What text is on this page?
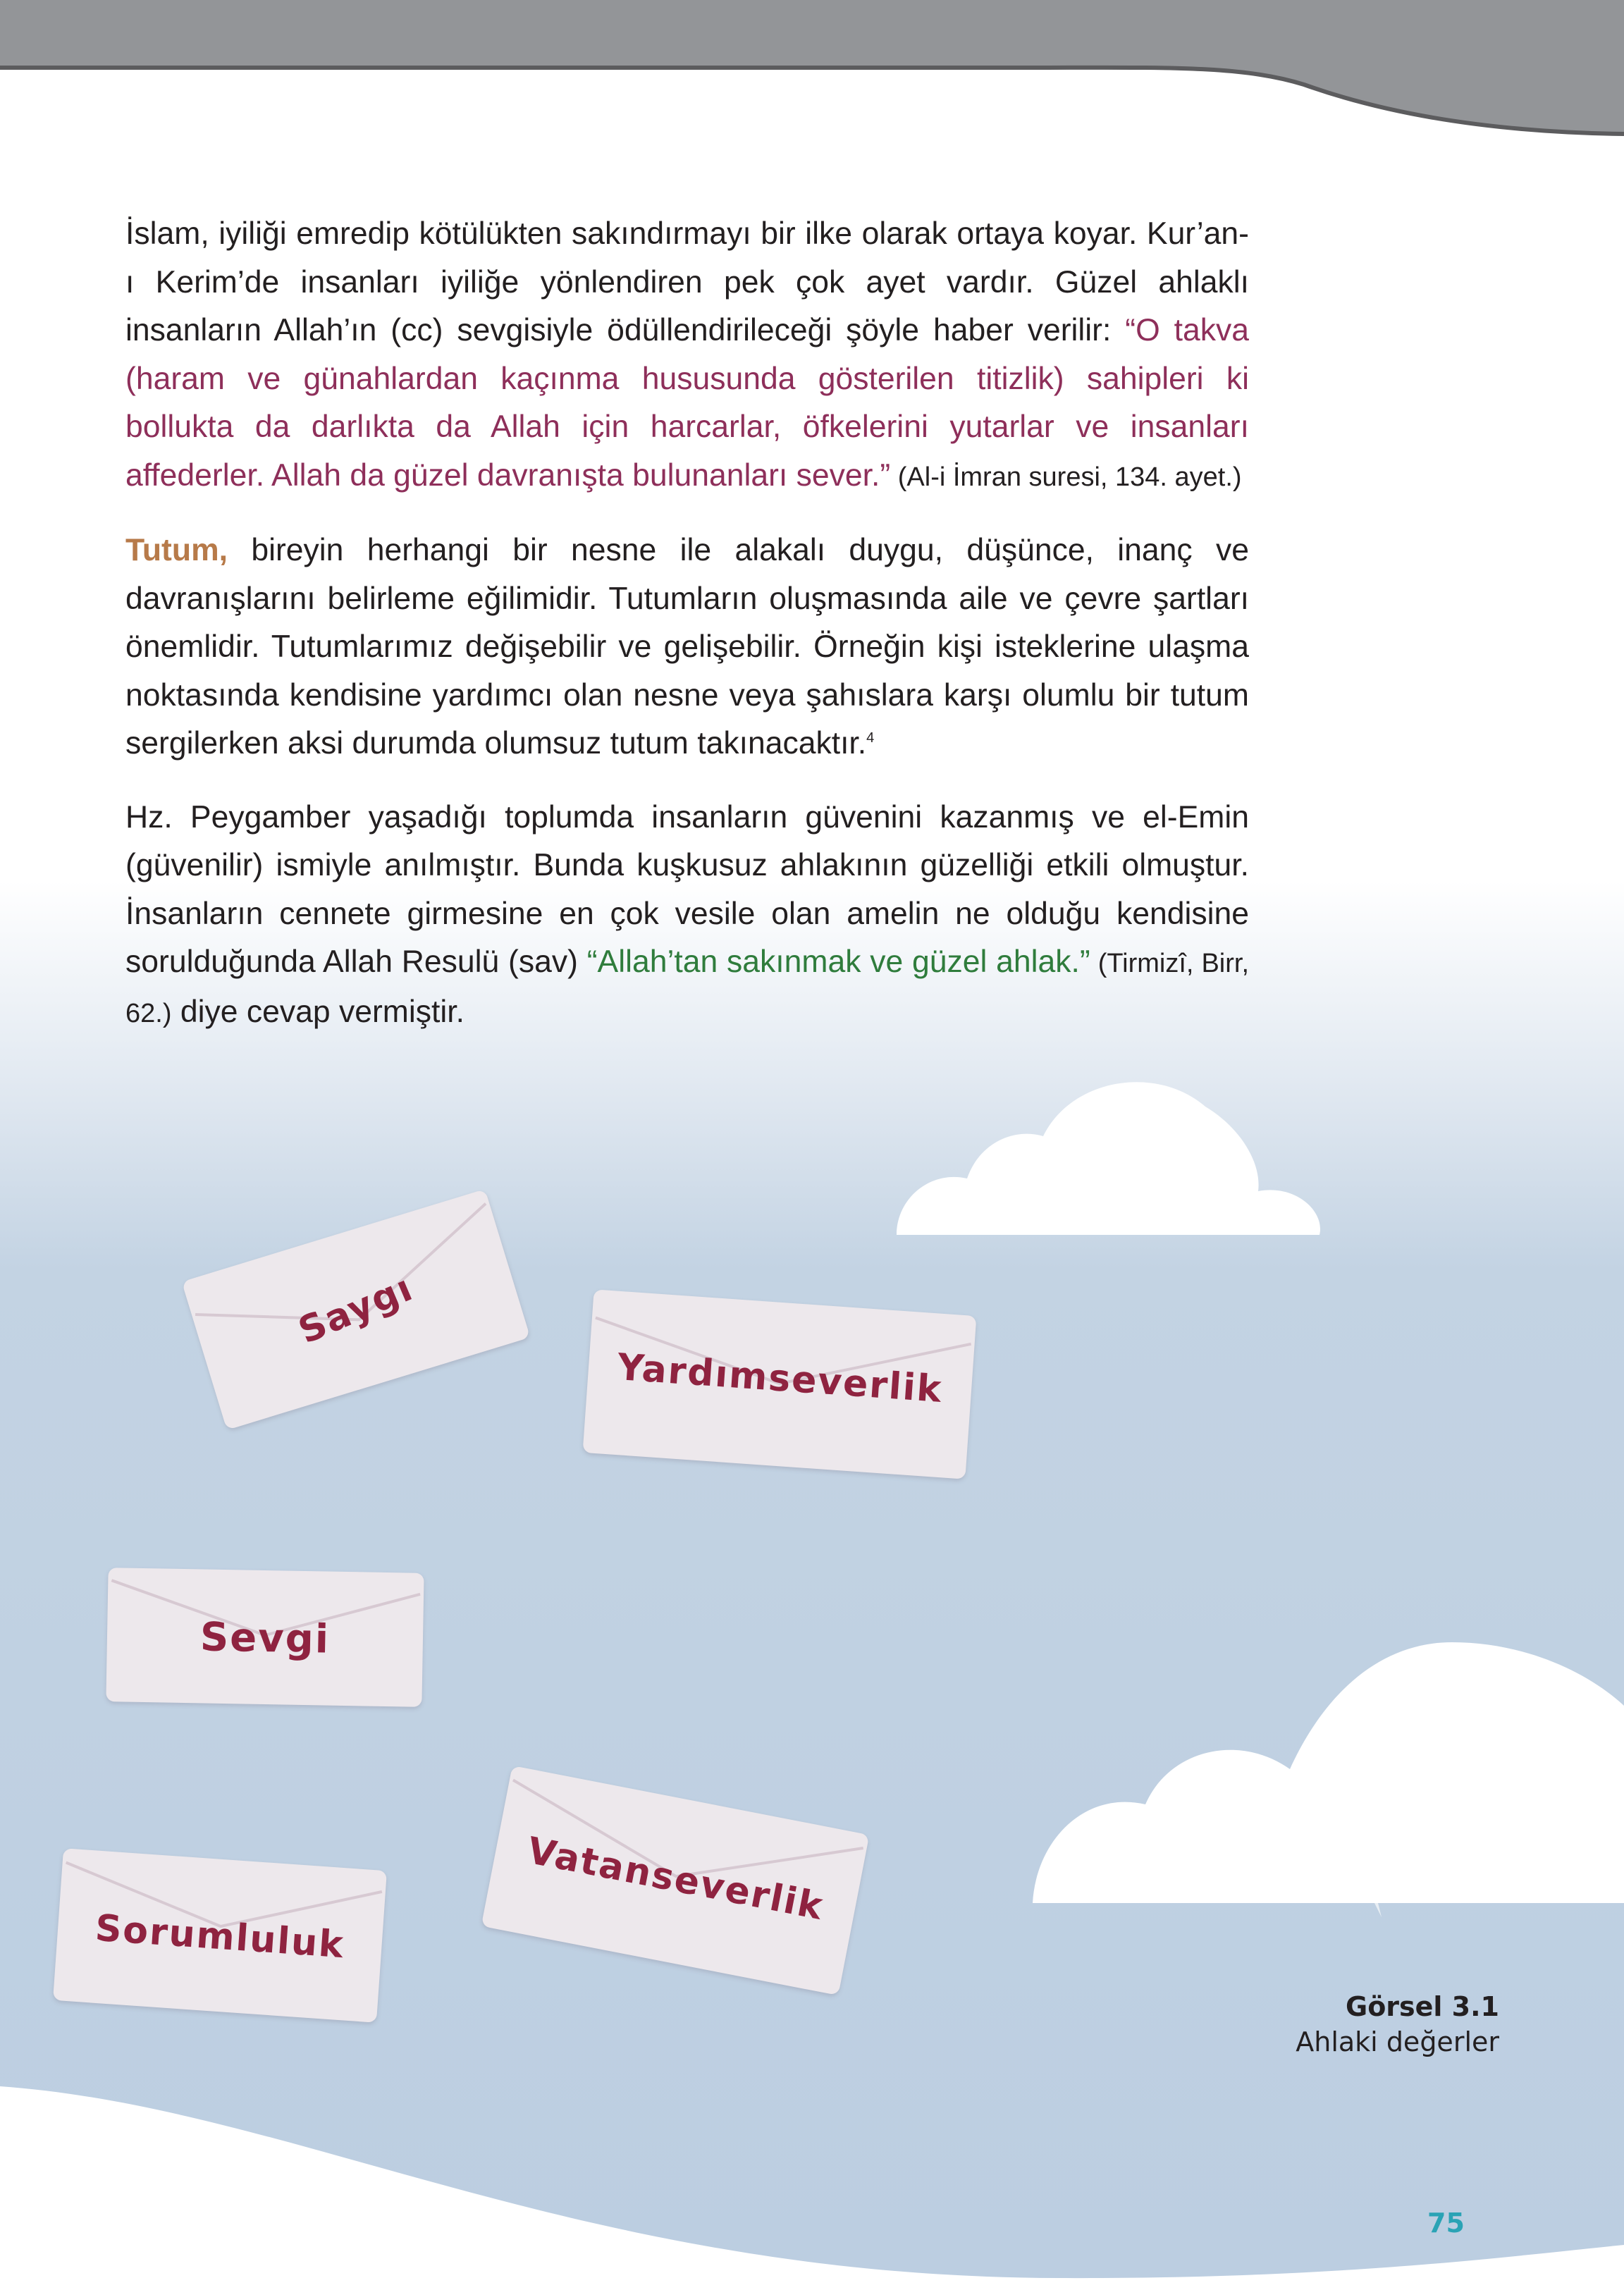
İslam, iyiliği emredip kötülükten sakındırmayı bir ilke olarak ortaya koyar. Kur’an-ı Kerim’de insanları iyiliğe yönlendiren pek çok ayet vardır. Güzel ahlaklı insanların Allah’ın (cc) sevgisiyle ödüllendirileceği şöyle haber verilir: “O takva (haram ve günahlardan kaçınma hususunda gösterilen titizlik) sahipleri ki bollukta da darlıkta da Allah için harcarlar, öfkelerini yutarlar ve insanları affederler. Allah da güzel davranışta bulunanları sever.” (Al-i İmran suresi, 134. ayet.)

Tutum, bireyin herhangi bir nesne ile alakalı duygu, düşünce, inanç ve davranışlarını belirleme eğilimidir. Tutumların oluşmasında aile ve çevre şartları önemlidir. Tutumlarımız değişebilir ve gelişebilir. Örneğin kişi isteklerine ulaşma noktasında kendisine yardımcı olan nesne veya şahıslara karşı olumlu bir tutum sergilerken aksi durumda olumsuz tutum takınacaktır.$^4$

Hz. Peygamber yaşadığı toplumda insanların güvenini kazanmış ve el-Emin (güvenilir) ismiyle anılmıştır. Bunda kuşkusuz ahlakının güzelliği etkili olmuştur. İnsanların cennete girmesine en çok vesile olan amelin ne olduğu kendisine sorulduğunda Allah Resulü (sav) “Allah’tan sakınmak ve güzel ahlak.” (Tirmizî, Birr, 62.) diye cevap vermiştir.

Saygı
Yardımseverlik
Sevgi
Vatanseverlik
Sorumluluk
Görsel 3.1
Ahlaki değerler
75
